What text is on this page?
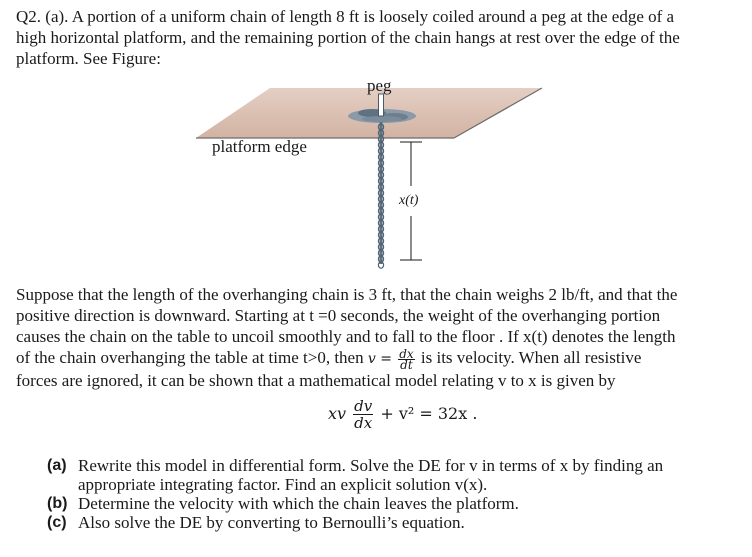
Q2. (a). A portion of a uniform chain of length 8 ft is loosely coiled around a peg at the edge of a
high horizontal platform, and the remaining portion of the chain hangs at rest over the edge of the
platform. See Figure:
peg
platform edge
x(t)
Suppose that the length of the overhanging chain is 3 ft, that the chain weighs 2 lb/ft, and that the
positive direction is downward. Starting at t =0 seconds, the weight of the overhanging portion
causes the chain on the table to uncoil smoothly and to fall to the floor . If x(t) denotes the length
of the chain overhanging the table at time t>0, then $v = \frac{dx}{dt}$ is its velocity. When all resistive
forces are ignored, it can be shown that a mathematical model relating v to x is given by
xv $\frac{dv}{dx} + v^2 = 32x$ .
(a) Rewrite this model in differential form. Solve the DE for v in terms of x by finding an
appropriate integrating factor. Find an explicit solution v(x).
(b) Determine the velocity with which the chain leaves the platform.
(c) Also solve the DE by converting to Bernoulli’s equation.
